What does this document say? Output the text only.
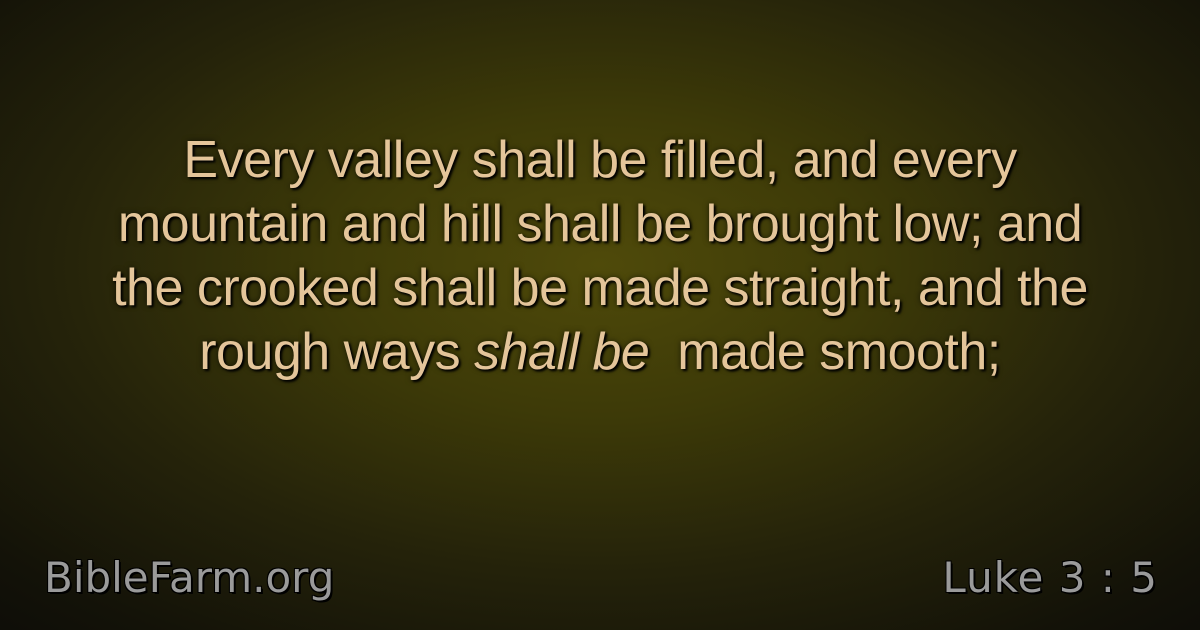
Every valley shall be filled, and every
mountain and hill shall be brought low; and
the crooked shall be made straight, and the
rough ways shall be made smooth;
BibleFarm.org	Luke 3 : 5
